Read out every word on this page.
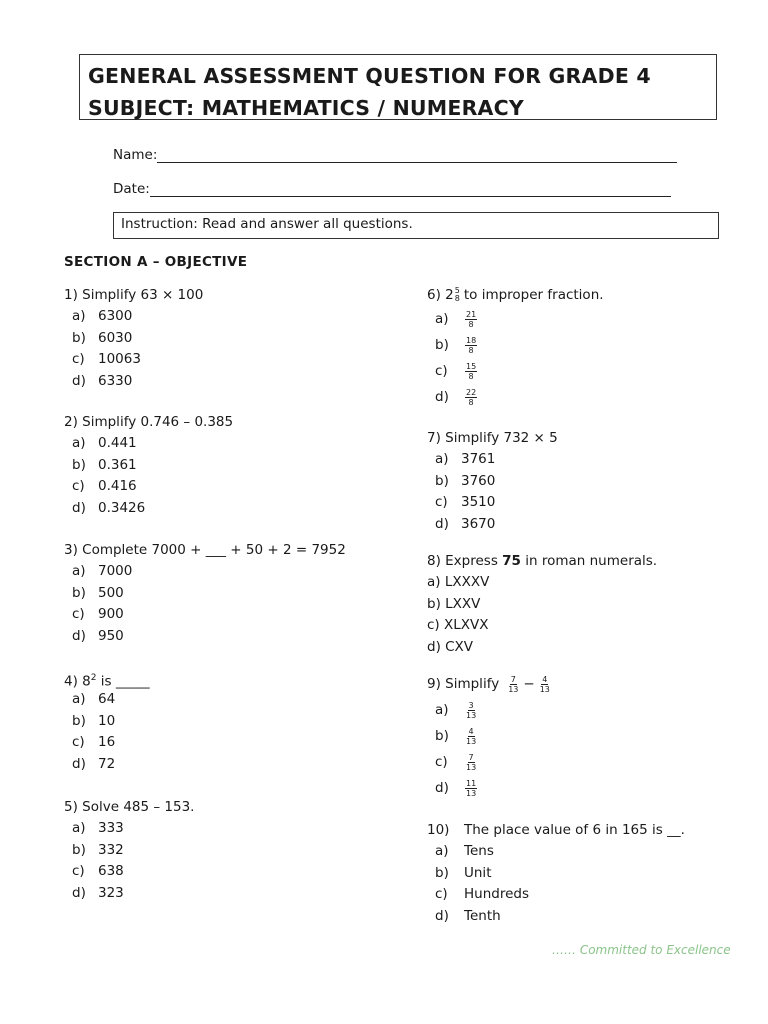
GENERAL ASSESSMENT QUESTION FOR GRADE 4
SUBJECT: MATHEMATICS / NUMERACY
Name:
Date:
Instruction: Read and answer all questions.
SECTION A – OBJECTIVE
1) Simplify 63 × 100
a) 6300
b) 6030
c) 10063
d) 6330
2) Simplify 0.746 – 0.385
a) 0.441
b) 0.361
c) 0.416
d) 0.3426
3) Complete 7000 + ___ + 50 + 2 = 7952
a) 7000
b) 500
c) 900
d) 950
4) $8^2$ is _____
a) 64
b) 10
c) 16
d) 72
5) Solve 485 – 153.
a) 333
b) 332
c) 638
d) 323
6) 2 5
8 to improper fraction.
a)	$\frac{21}{8}$
b)	$\frac{18}{8}$
c)	$\frac{15}{8}$
d)	$\frac{22}{8}$
7) Simplify 732 × 5
a) 3761
b) 3760
c) 3510
d) 3670
8) Express 75 in roman numerals.
a) LXXXV
b) LXXV
c) XLXVX
d) CXV
9) Simplify $\frac{7}{13} - \frac{4}{13}$
a)	$\frac{3}{13}$
b)	$\frac{4}{13}$
c)	$\frac{7}{13}$
d)	$\frac{11}{13}$
10) The place value of 6 in 165 is __.
a) Tens
b) Unit
c) Hundreds
d) Tenth
…… Committed to Excellence
